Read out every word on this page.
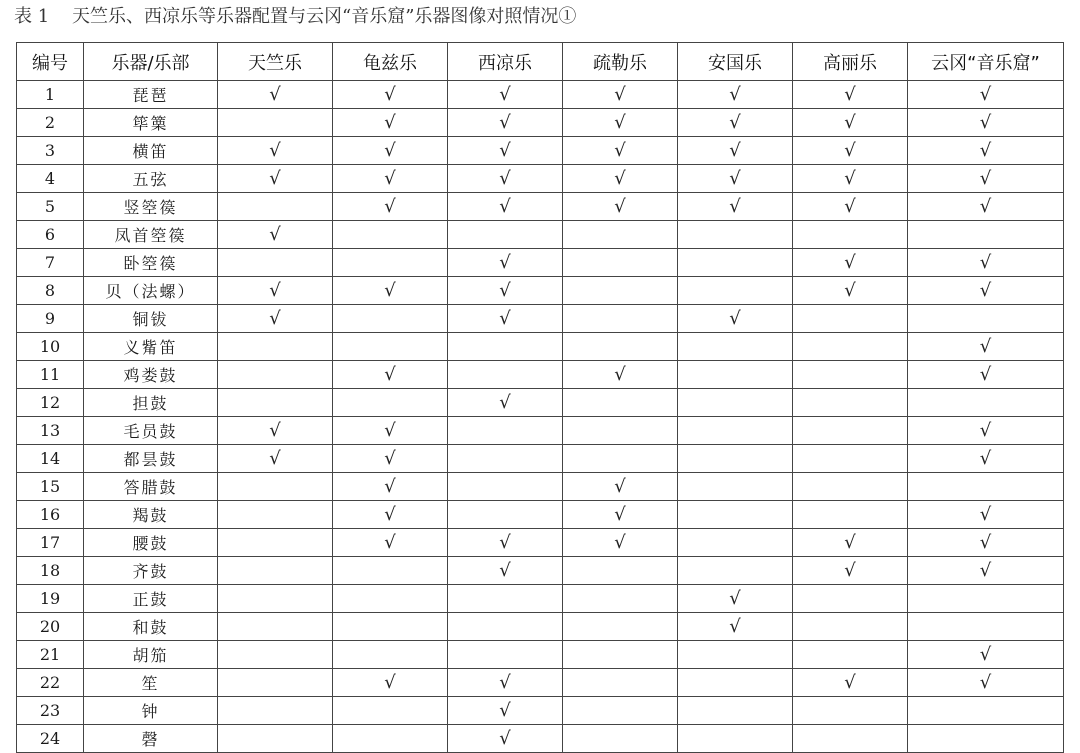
表 1 天竺乐、西凉乐等乐器配置与云冈“音乐窟”乐器图像对照情况①
编号	乐器/乐部	天竺乐	龟兹乐	西凉乐	疏勒乐	安国乐	高丽乐	云冈“音乐窟”
1	琵琶	√	√	√	√	√	√	√
2	筚篥		√	√	√	√	√	√
3	横笛	√	√	√	√	√	√	√
4	五弦	√	√	√	√	√	√	√
5	竖箜篌		√	√	√	√	√	√
6	凤首箜篌	√						
7	卧箜篌			√			√	√
8	贝（法螺）	√	√	√			√	√
9	铜钹	√		√		√		
10	义觜笛							√
11	鸡娄鼓		√		√			√
12	担鼓			√				
13	毛员鼓	√	√					√
14	都昙鼓	√	√					√
15	答腊鼓		√		√			
16	羯鼓		√		√			√
17	腰鼓		√	√	√		√	√
18	齐鼓			√			√	√
19	正鼓					√		
20	和鼓					√		
21	胡笳							√
22	笙		√	√			√	√
23	钟			√				
24	磬			√				
